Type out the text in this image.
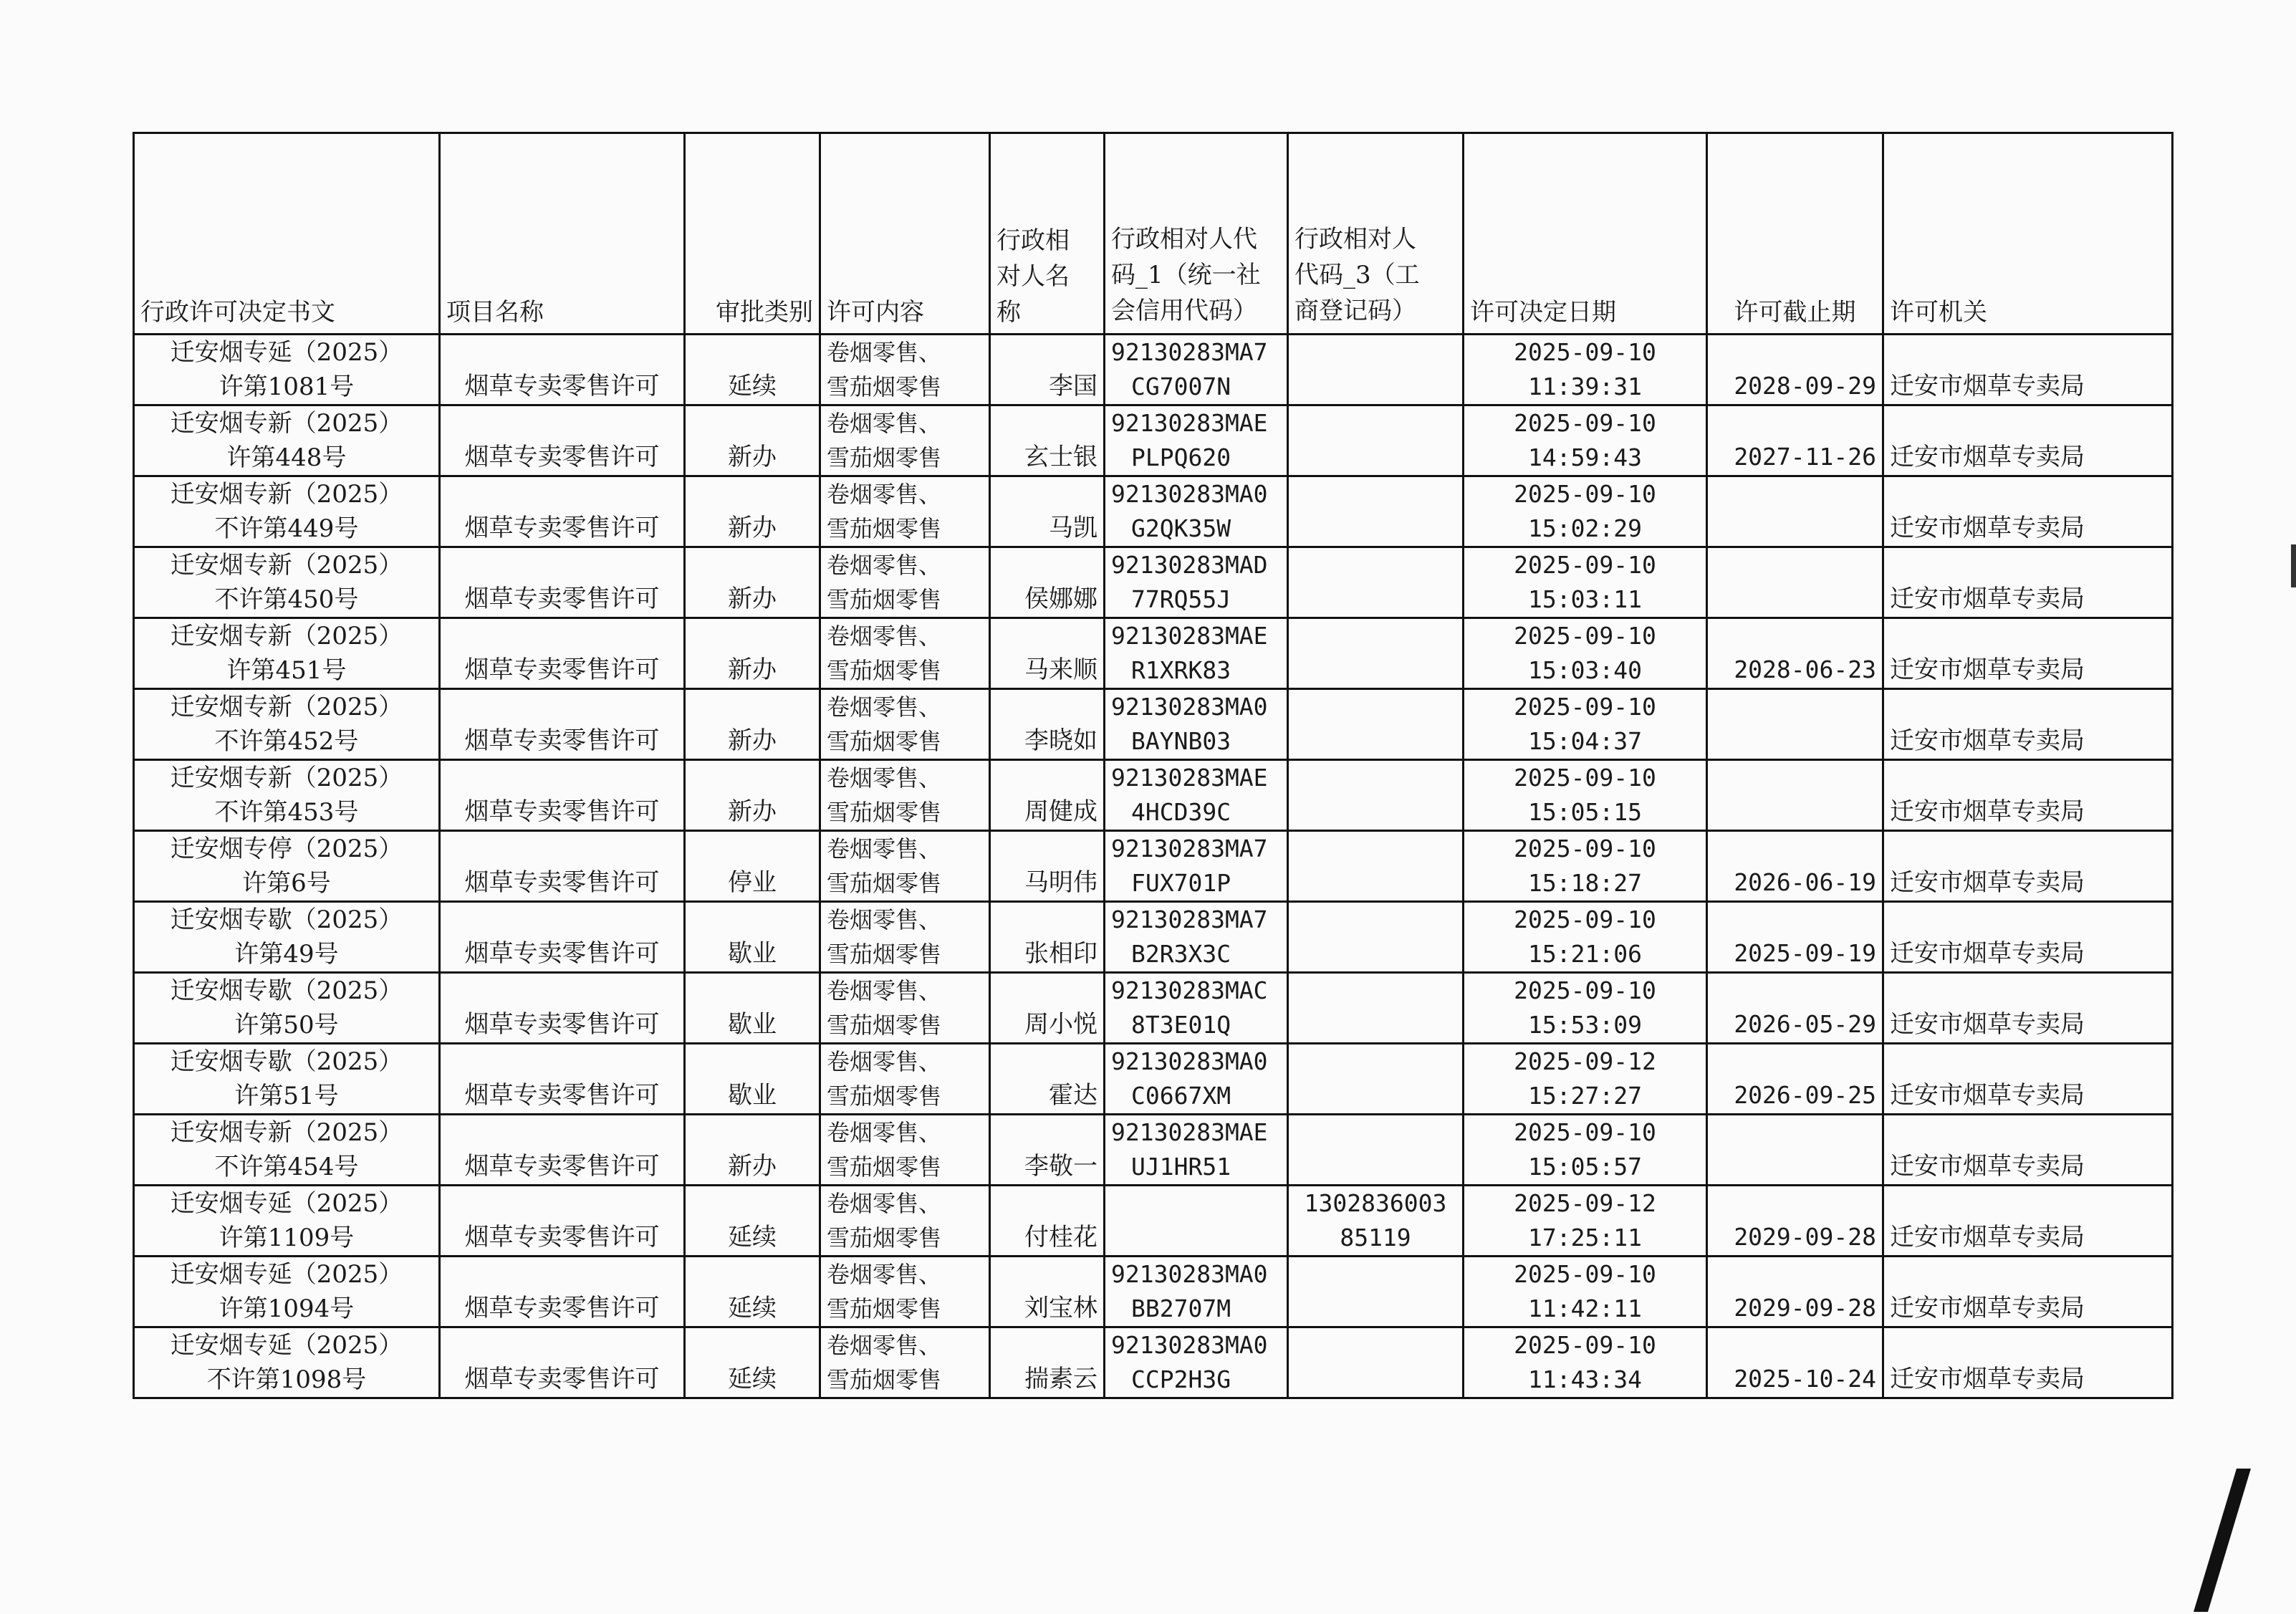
行政许可决定书文	项目名称	审批类别	许可内容	行政相
对人名
称	行政相对人代
码_1（统一社
会信用代码）	行政相对人
代码_3（工
商登记码）	许可决定日期	许可截止期	许可机关

迁安烟专延（2025）
许第1081号	烟草专卖零售许可	延续	卷烟零售、
雪茄烟零售	李国	92130283MA7
CG7007N		2025-09-10
11:39:31	2028-09-29	迁安市烟草专卖局

迁安烟专新（2025）
许第448号	烟草专卖零售许可	新办	卷烟零售、
雪茄烟零售	玄士银	92130283MAE
PLPQ620		2025-09-10
14:59:43	2027-11-26	迁安市烟草专卖局

迁安烟专新（2025）
不许第449号	烟草专卖零售许可	新办	卷烟零售、
雪茄烟零售	马凯	92130283MA0
G2QK35W		2025-09-10
15:02:29		迁安市烟草专卖局

迁安烟专新（2025）
不许第450号	烟草专卖零售许可	新办	卷烟零售、
雪茄烟零售	侯娜娜	92130283MAD
77RQ55J		2025-09-10
15:03:11		迁安市烟草专卖局

迁安烟专新（2025）
许第451号	烟草专卖零售许可	新办	卷烟零售、
雪茄烟零售	马来顺	92130283MAE
R1XRK83		2025-09-10
15:03:40	2028-06-23	迁安市烟草专卖局

迁安烟专新（2025）
不许第452号	烟草专卖零售许可	新办	卷烟零售、
雪茄烟零售	李晓如	92130283MA0
BAYNB03		2025-09-10
15:04:37		迁安市烟草专卖局

迁安烟专新（2025）
不许第453号	烟草专卖零售许可	新办	卷烟零售、
雪茄烟零售	周健成	92130283MAE
4HCD39C		2025-09-10
15:05:15		迁安市烟草专卖局

迁安烟专停（2025）
许第6号	烟草专卖零售许可	停业	卷烟零售、
雪茄烟零售	马明伟	92130283MA7
FUX701P		2025-09-10
15:18:27	2026-06-19	迁安市烟草专卖局

迁安烟专歇（2025）
许第49号	烟草专卖零售许可	歇业	卷烟零售、
雪茄烟零售	张相印	92130283MA7
B2R3X3C		2025-09-10
15:21:06	2025-09-19	迁安市烟草专卖局

迁安烟专歇（2025）
许第50号	烟草专卖零售许可	歇业	卷烟零售、
雪茄烟零售	周小悦	92130283MAC
8T3E01Q		2025-09-10
15:53:09	2026-05-29	迁安市烟草专卖局

迁安烟专歇（2025）
许第51号	烟草专卖零售许可	歇业	卷烟零售、
雪茄烟零售	霍达	92130283MA0
C0667XM		2025-09-12
15:27:27	2026-09-25	迁安市烟草专卖局

迁安烟专新（2025）
不许第454号	烟草专卖零售许可	新办	卷烟零售、
雪茄烟零售	李敬一	92130283MAE
UJ1HR51		2025-09-10
15:05:57		迁安市烟草专卖局

迁安烟专延（2025）
许第1109号	烟草专卖零售许可	延续	卷烟零售、
雪茄烟零售	付桂花		1302836003
85119	2025-09-12
17:25:11	2029-09-28	迁安市烟草专卖局

迁安烟专延（2025）
许第1094号	烟草专卖零售许可	延续	卷烟零售、
雪茄烟零售	刘宝林	92130283MA0
BB2707M		2025-09-10
11:42:11	2029-09-28	迁安市烟草专卖局

迁安烟专延（2025）
不许第1098号	烟草专卖零售许可	延续	卷烟零售、
雪茄烟零售	揣素云	92130283MA0
CCP2H3G		2025-09-10
11:43:34	2025-10-24	迁安市烟草专卖局
